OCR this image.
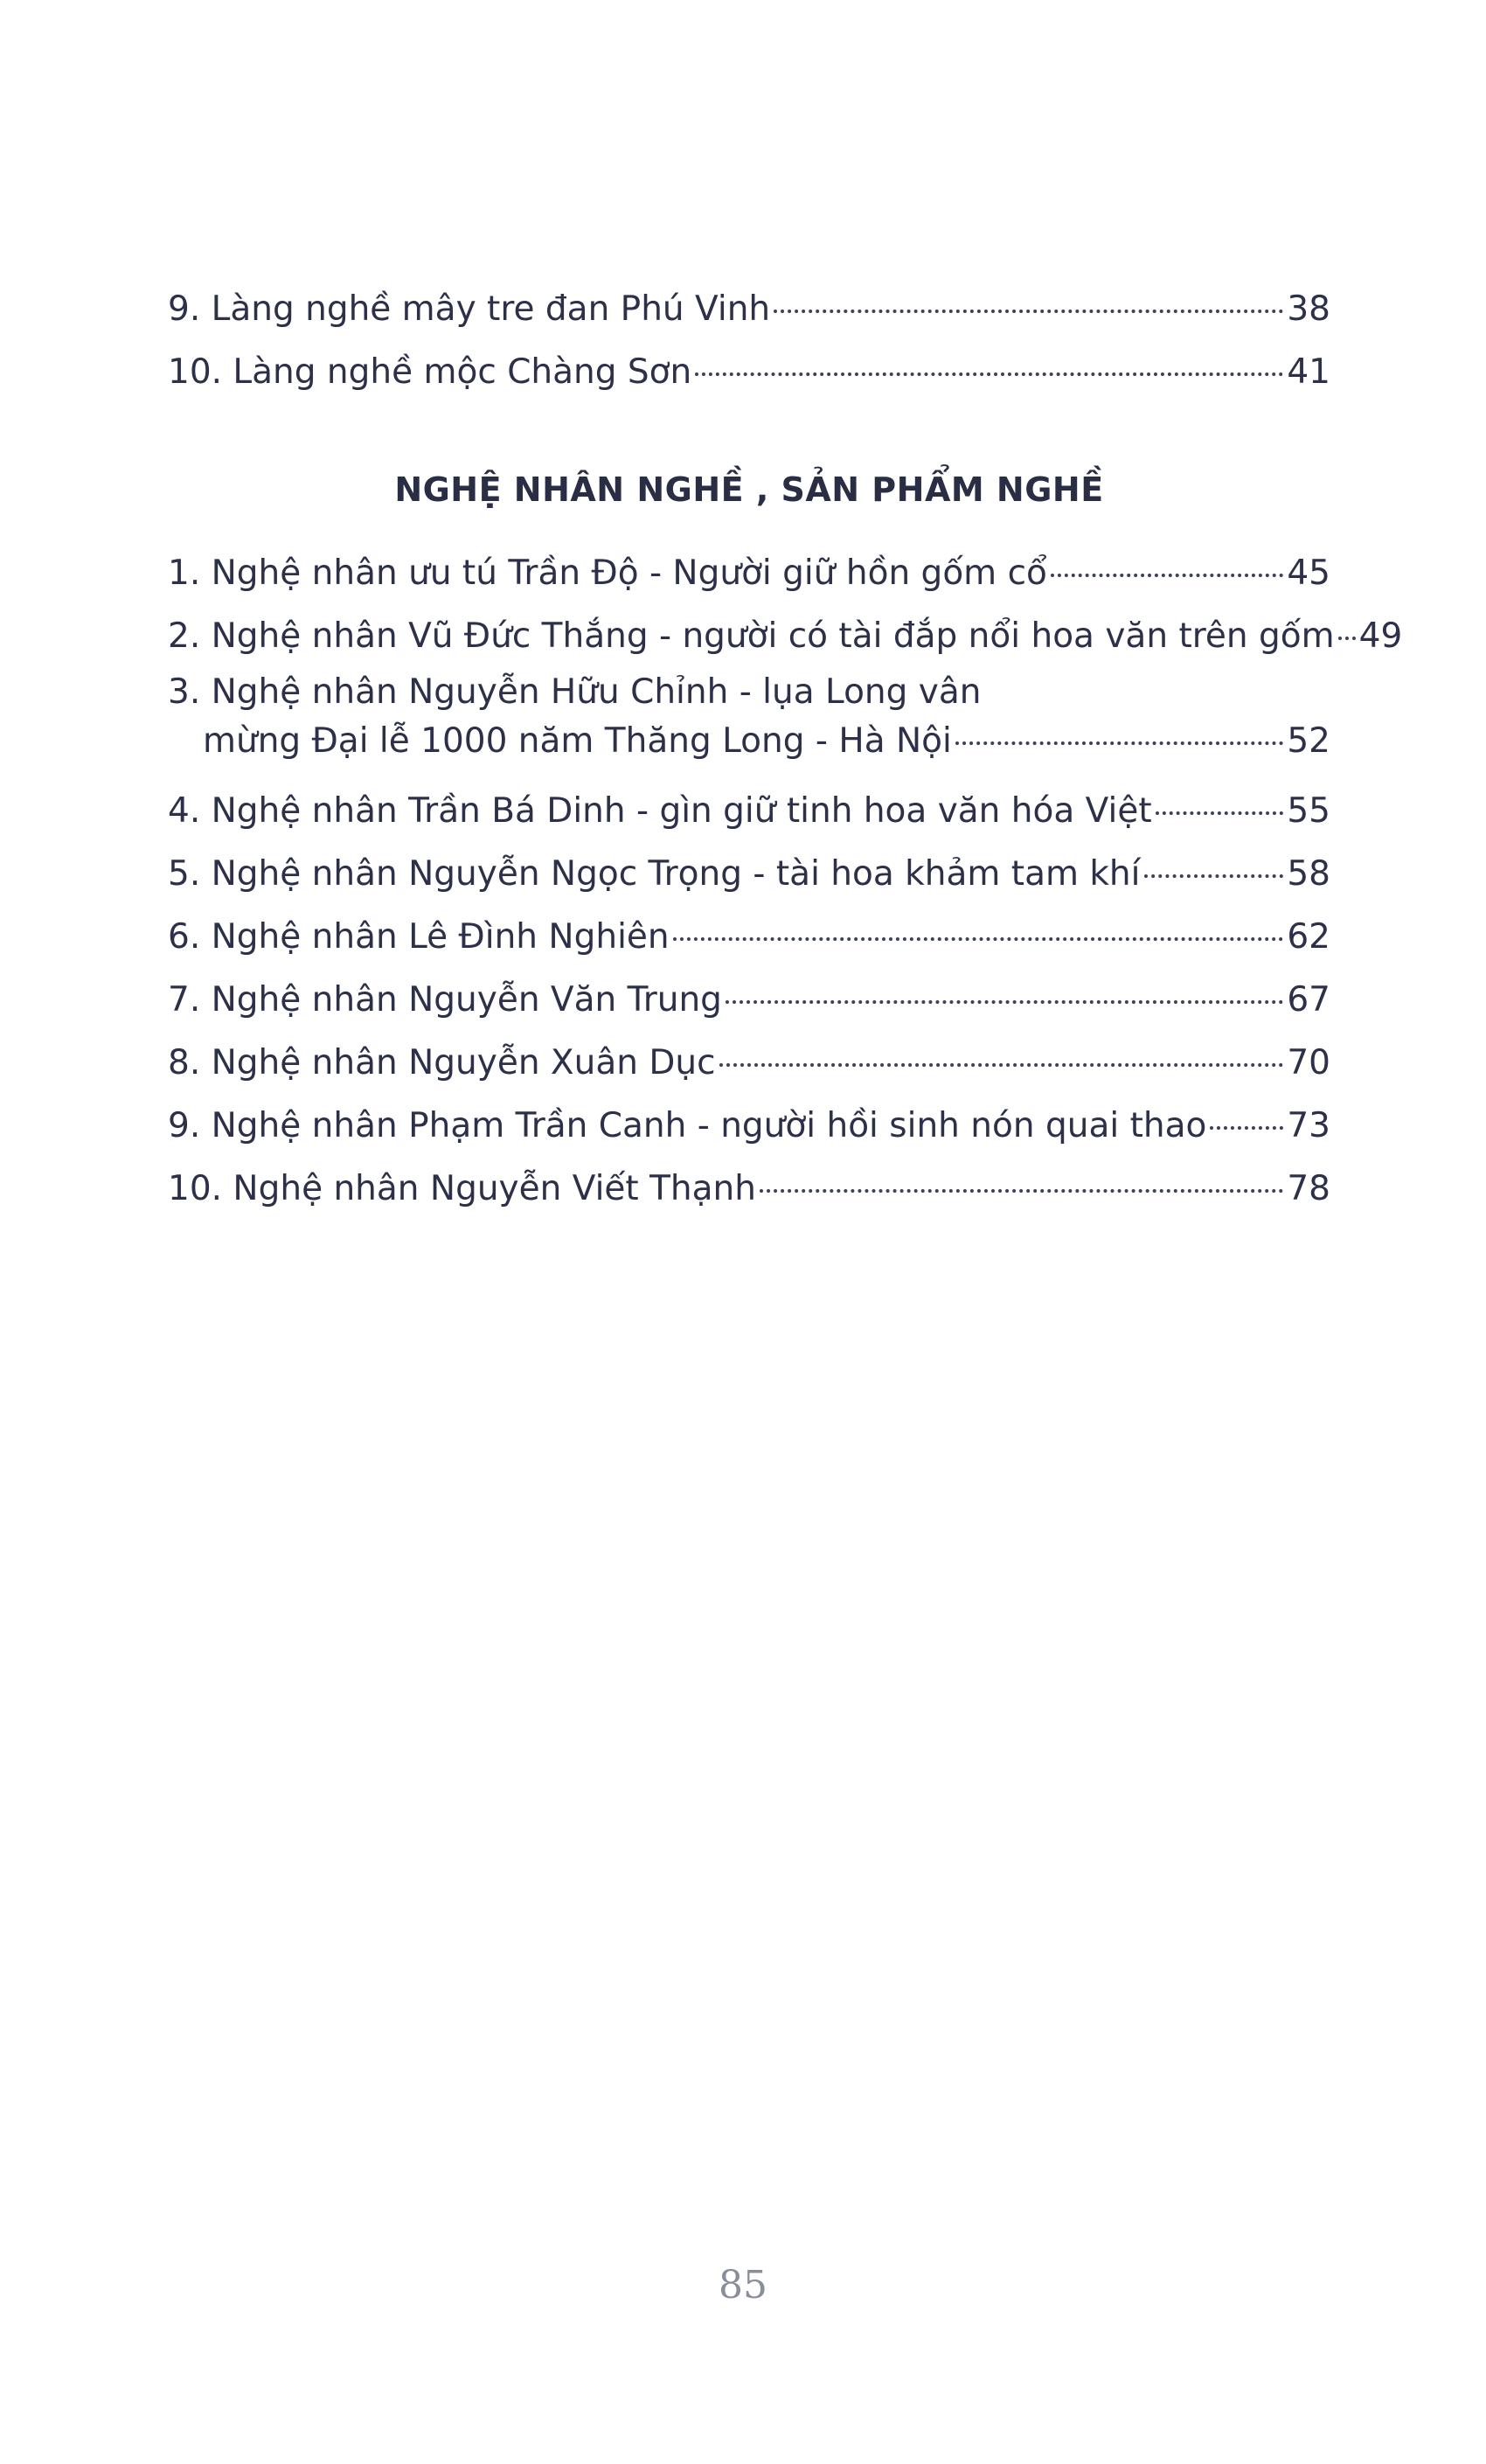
9. Làng nghề mây tre đan Phú Vinh	38
10. Làng nghề mộc Chàng Sơn	41
NGHỆ NHÂN NGHỀ , SẢN PHẨM NGHỀ
1. Nghệ nhân ưu tú Trần Độ - Người giữ hồn gốm cổ	45
2. Nghệ nhân Vũ Đức Thắng - người có tài đắp nổi hoa văn trên gốm 49
3. Nghệ nhân Nguyễn Hữu Chỉnh - lụa Long vân
mừng Đại lễ 1000 năm Thăng Long - Hà Nội	52
4. Nghệ nhân Trần Bá Dinh - gìn giữ tinh hoa văn hóa Việt	55
5. Nghệ nhân Nguyễn Ngọc Trọng - tài hoa khảm tam khí	58
6. Nghệ nhân Lê Đình Nghiên	62
7. Nghệ nhân Nguyễn Văn Trung	67
8. Nghệ nhân Nguyễn Xuân Dục	70
9. Nghệ nhân Phạm Trần Canh - người hồi sinh nón quai thao 73
10. Nghệ nhân Nguyễn Viết Thạnh	78
85
